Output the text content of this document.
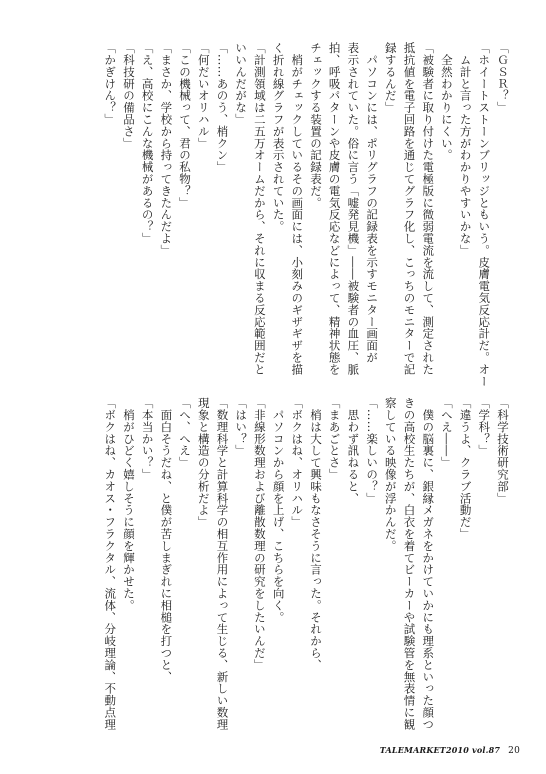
「ＧＳＲ？」
「ホイートストーンブリッジともいう。皮膚電気反応計だ。オー
　ム計と言った方がわかりやすいかな」
　全然わかりにくい。
「被験者に取り付けた電極版に微弱電流を流して、測定された
抵抗値を電子回路を通じてグラフ化し、こっちのモニターで記
録するんだ」
　パソコンには、ポリグラフの記録表を示すモニター画面が
表示されていた。俗に言う「嘘発見機」――被験者の血圧、脈
拍、呼吸パターンや皮膚の電気反応などによって、精神状態を
チェックする装置の記録表だ。
　梢がチェックしているその画面には、小刻みのギザギザを描
く折れ線グラフが表示されていた。
「計測領域は二五万オームだから、それに収まる反応範囲だと
いいんだがな」
「……あのう、梢クン」
「何だいオリハル」
「この機械って、君の私物？」
「まさか、学校から持ってきたんだよ」
「え、高校にこんな機械があるの？」
「科技研の備品さ」
「かぎけん？」
「科学技術研究部」
「学科？」
「違うよ、クラブ活動だ」
「へえ――」
　僕の脳裏に、銀縁メガネをかけていかにも理系といった顔つ
きの高校生たちが、白衣を着てビーカーや試験管を無表情に観
察している映像が浮かんだ。
「……楽しいの？」
　思わず訊ねると、
「まあごとさ」
　梢は大して興味もなさそうに言った。それから、
「ボクはね、オリハル」
　パソコンから顔を上げ、こちらを向く。
「非線形数理および離散数理の研究をしたいんだ」
「はい？」
「数理科学と計算科学の相互作用によって生じる、新しい数理
現象と構造の分析だよ」
「へ、へえ」
　面白そうだね、と僕が苦しまぎれに相槌を打つと、
「本当かい？」
　梢がひどく嬉しそうに顔を輝かせた。
「ボクはね、カオス・フラクタル、流体、分岐理論、不動点理
TALEMARKET2010 vol.87 20
